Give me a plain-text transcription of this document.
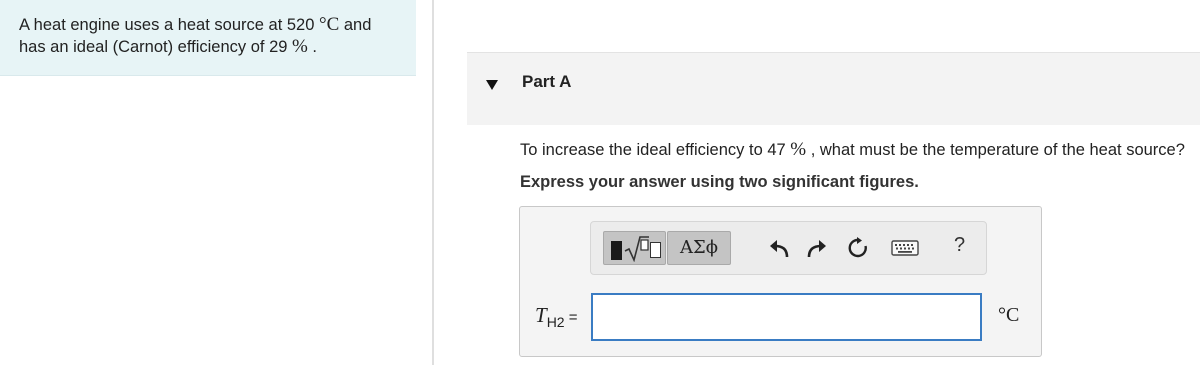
A heat engine uses a heat source at 520 °C and
has an ideal (Carnot) efficiency of 29 % .
Part A
To increase the ideal efficiency to 47 % , what must be the temperature of the heat source?
Express your answer using two significant figures.
ΑΣϕ	?
$T_{H2}$ =	°C
